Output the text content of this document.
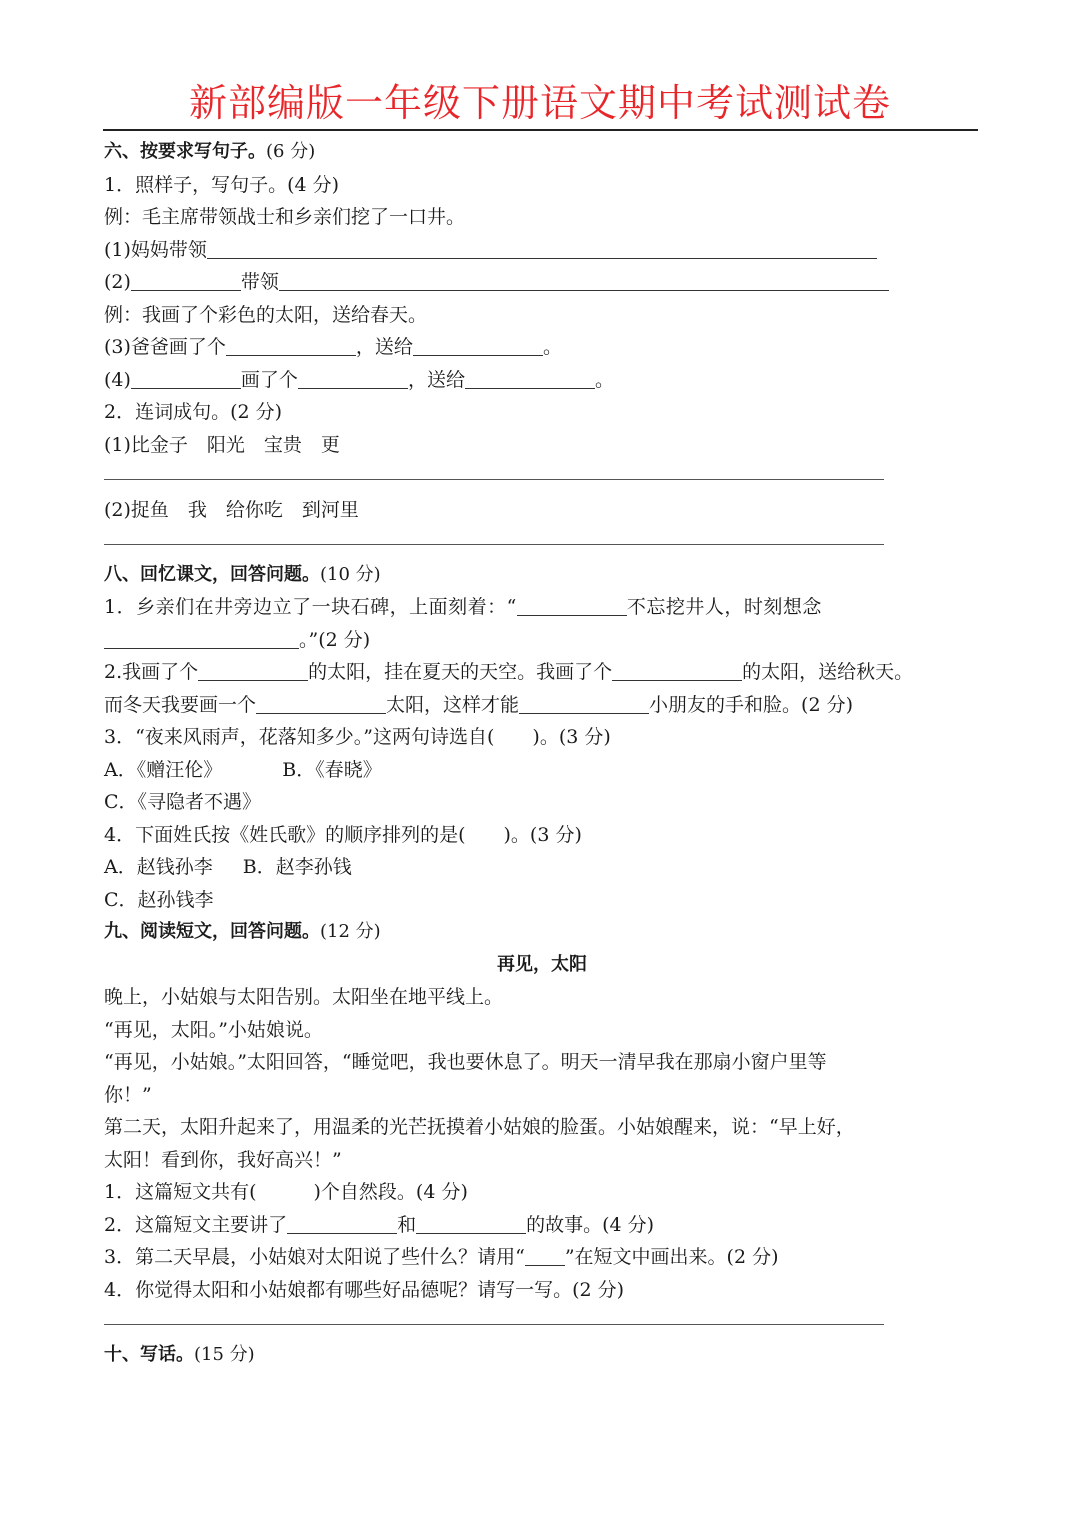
新部编版一年级下册语文期中考试测试卷
六、按要求写句子。(6 分)
1．照样子，写句子。(4 分)
例：毛主席带领战士和乡亲们挖了一口井。
(1)妈妈带领
(2)	带领
例：我画了个彩色的太阳，送给春天。
(3)爸爸画了个	，送给	。
(4)	画了个	，送给	。
2．连词成句。(2 分)
(1)比金子　阳光　宝贵　更
(2)捉鱼　我　给你吃　到河里
八、回忆课文，回答问题。(10 分)
1．乡亲们在井旁边立了一块石碑，上面刻着：“	不忘挖井人，时刻想念
。”(2 分)
2.我画了个	的太阳，挂在夏天的天空。我画了个	的太阳，送给秋天。
而冬天我要画一个	太阳，这样才能	小朋友的手和脸。(2 分)
3．“夜来风雨声，花落知多少。”这两句诗选自(　　)。(3 分)
A．《赠汪伦》	B．《春晓》
C．《寻隐者不遇》
4．下面姓氏按《姓氏歌》的顺序排列的是(　　)。(3 分)
A．赵钱孙李 B．赵李孙钱
C．赵孙钱李
九、阅读短文，回答问题。(12 分)
再见，太阳
晚上，小姑娘与太阳告别。太阳坐在地平线上。
“再见，太阳。”小姑娘说。
“再见，小姑娘。”太阳回答，“睡觉吧，我也要休息了。明天一清早我在那扇小窗户里等
你！”
第二天，太阳升起来了，用温柔的光芒抚摸着小姑娘的脸蛋。小姑娘醒来，说：“早上好，
太阳！看到你，我好高兴！”
1．这篇短文共有(　　　)个自然段。(4 分)
2．这篇短文主要讲了	和	的故事。(4 分)
3．第二天早晨，小姑娘对太阳说了些什么？请用“ ”在短文中画出来。(2 分)
4．你觉得太阳和小姑娘都有哪些好品德呢？请写一写。(2 分)
十、写话。(15 分)
